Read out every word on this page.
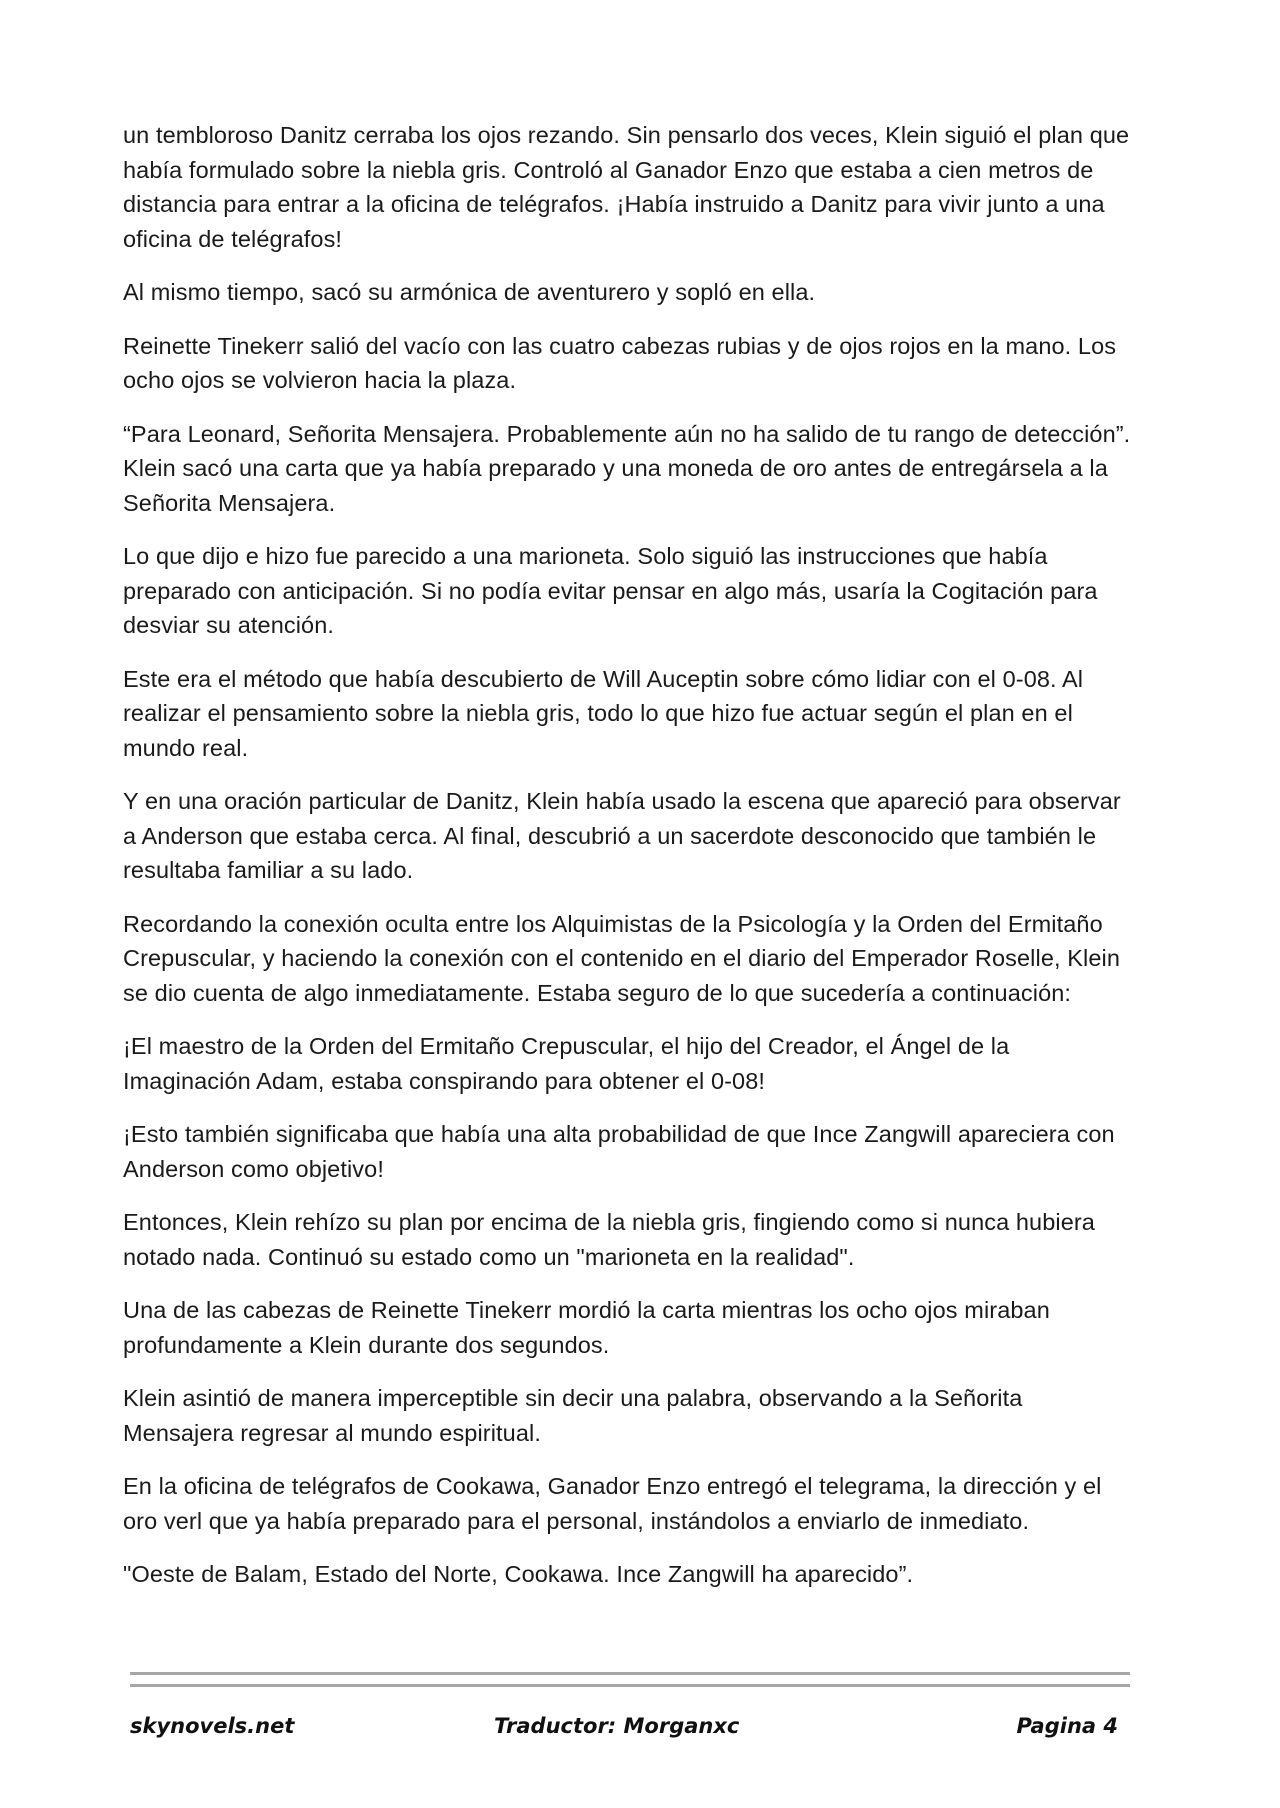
un tembloroso Danitz cerraba los ojos rezando. Sin pensarlo dos veces, Klein siguió el plan que había formulado sobre la niebla gris. Controló al Ganador Enzo que estaba a cien metros de distancia para entrar a la oficina de telégrafos. ¡Había instruido a Danitz para vivir junto a una oficina de telégrafos!

Al mismo tiempo, sacó su armónica de aventurero y sopló en ella.

Reinette Tinekerr salió del vacío con las cuatro cabezas rubias y de ojos rojos en la mano. Los ocho ojos se volvieron hacia la plaza.

“Para Leonard, Señorita Mensajera. Probablemente aún no ha salido de tu rango de detección”. Klein sacó una carta que ya había preparado y una moneda de oro antes de entregársela a la Señorita Mensajera.

Lo que dijo e hizo fue parecido a una marioneta. Solo siguió las instrucciones que había preparado con anticipación. Si no podía evitar pensar en algo más, usaría la Cogitación para desviar su atención.

Este era el método que había descubierto de Will Auceptin sobre cómo lidiar con el 0-08. Al realizar el pensamiento sobre la niebla gris, todo lo que hizo fue actuar según el plan en el mundo real.

Y en una oración particular de Danitz, Klein había usado la escena que apareció para observar a Anderson que estaba cerca. Al final, descubrió a un sacerdote desconocido que también le resultaba familiar a su lado.

Recordando la conexión oculta entre los Alquimistas de la Psicología y la Orden del Ermitaño Crepuscular, y haciendo la conexión con el contenido en el diario del Emperador Roselle, Klein se dio cuenta de algo inmediatamente. Estaba seguro de lo que sucedería a continuación:

¡El maestro de la Orden del Ermitaño Crepuscular, el hijo del Creador, el Ángel de la Imaginación Adam, estaba conspirando para obtener el 0-08!

¡Esto también significaba que había una alta probabilidad de que Ince Zangwill apareciera con Anderson como objetivo!

Entonces, Klein rehízo su plan por encima de la niebla gris, fingiendo como si nunca hubiera notado nada. Continuó su estado como un "marioneta en la realidad".

Una de las cabezas de Reinette Tinekerr mordió la carta mientras los ocho ojos miraban profundamente a Klein durante dos segundos.

Klein asintió de manera imperceptible sin decir una palabra, observando a la Señorita Mensajera regresar al mundo espiritual.

En la oficina de telégrafos de Cookawa, Ganador Enzo entregó el telegrama, la dirección y el oro verl que ya había preparado para el personal, instándolos a enviarlo de inmediato.

"Oeste de Balam, Estado del Norte, Cookawa. Ince Zangwill ha aparecido”.

skynovels.net	Traductor: Morganxc	Pagina 4
